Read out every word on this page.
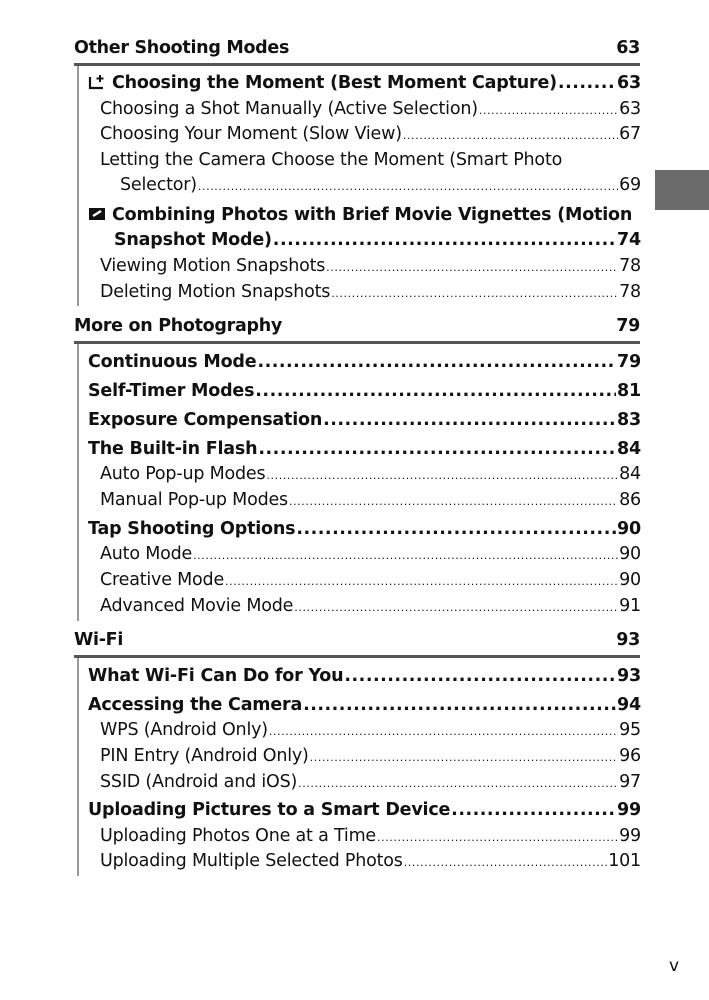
Other Shooting Modes	63
Choosing the Moment (Best Moment Capture) .....	63
Choosing a Shot Manually (Active Selection) .....	63
Choosing Your Moment (Slow View) .....	67
Letting the Camera Choose the Moment (Smart Photo
Selector) .....	69
Combining Photos with Brief Movie Vignettes (Motion
Snapshot Mode) .....	74
Viewing Motion Snapshots .....	78
Deleting Motion Snapshots .....	78
More on Photography	79
Continuous Mode .....	79
Self-Timer Modes .....	81
Exposure Compensation .....	83
The Built-in Flash .....	84
Auto Pop-up Modes .....	84
Manual Pop-up Modes .....	86
Tap Shooting Options .....	90
Auto Mode .....	90
Creative Mode .....	90
Advanced Movie Mode .....	91
Wi-Fi	93
What Wi-Fi Can Do for You .....	93
Accessing the Camera .....	94
WPS (Android Only) .....	95
PIN Entry (Android Only) .....	96
SSID (Android and iOS) .....	97
Uploading Pictures to a Smart Device .....	99
Uploading Photos One at a Time .....	99
Uploading Multiple Selected Photos .....	101
v
